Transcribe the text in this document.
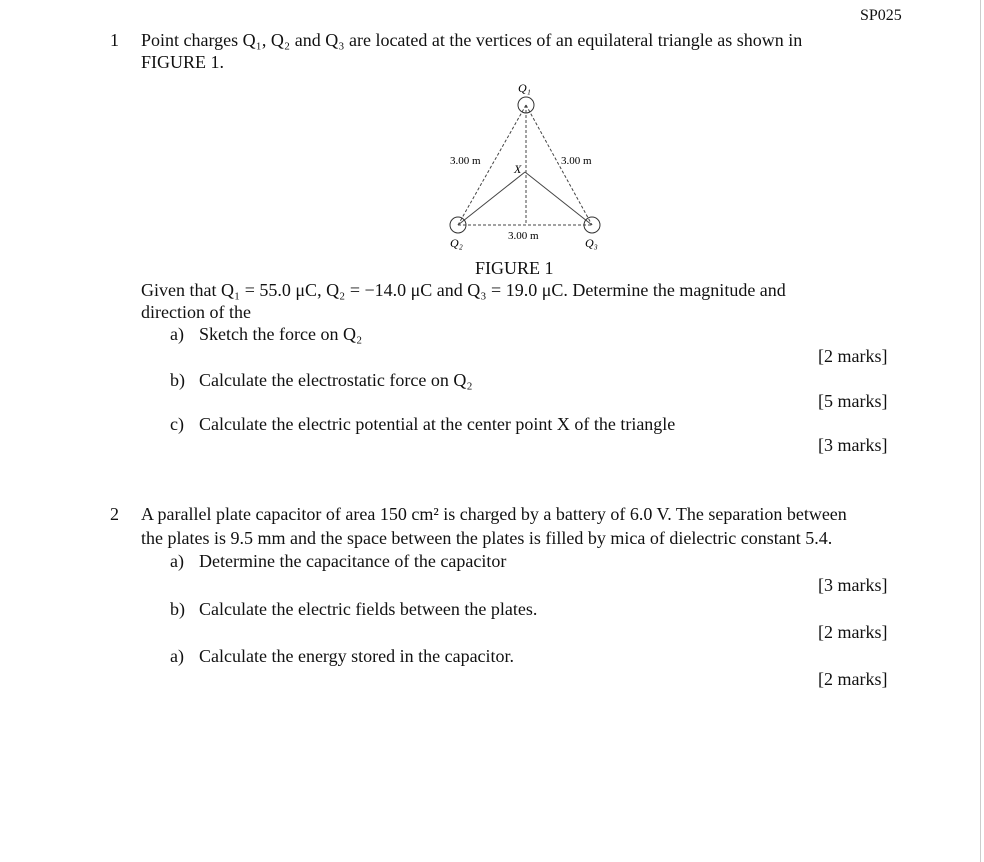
SP025
1 Point charges Q₁, Q₂ and Q₃ are located at the vertices of an equilateral triangle as shown in
FIGURE 1.
Q₁
Q₂	Q₃
X
3.00 m	3.00 m
3.00 m
FIGURE 1
Given that Q₁ = 55.0 μC, Q₂ = −14.0 μC and Q₃ = 19.0 μC. Determine the magnitude and
direction of the
a) Sketch the force on Q₂
[2 marks]
b) Calculate the electrostatic force on Q₂
[5 marks]
c) Calculate the electric potential at the center point X of the triangle
[3 marks]
2 A parallel plate capacitor of area 150 cm² is charged by a battery of 6.0 V. The separation between
the plates is 9.5 mm and the space between the plates is filled by mica of dielectric constant 5.4.
a) Determine the capacitance of the capacitor
[3 marks]
b) Calculate the electric fields between the plates.
[2 marks]
a) Calculate the energy stored in the capacitor.
[2 marks]
